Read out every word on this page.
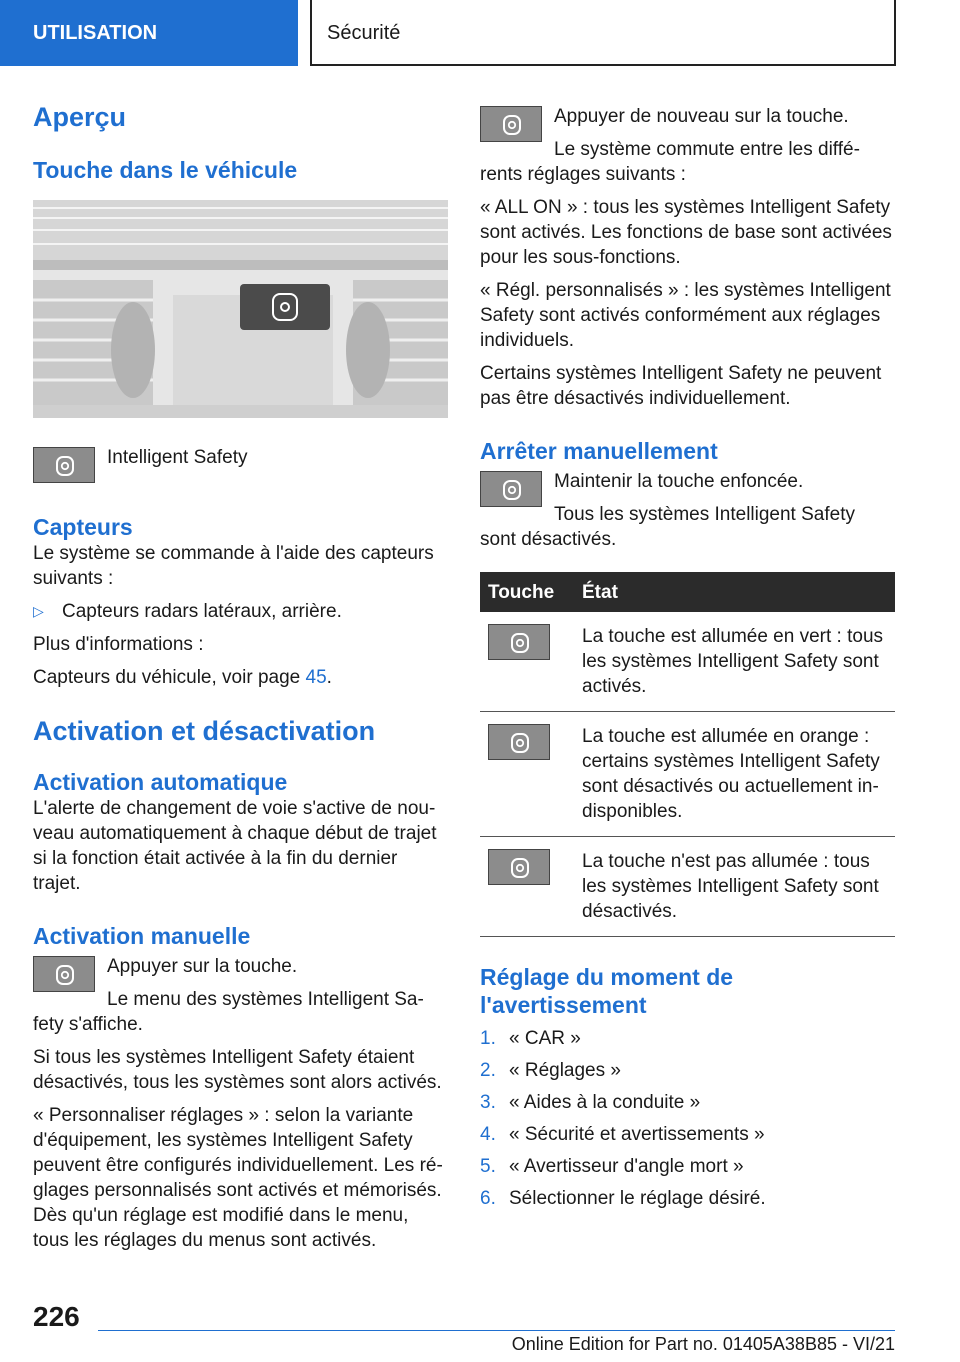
UTILISATION	Sécurité
Aperçu
Touche dans le véhicule

Intelligent Safety

Capteurs

Le système se commande à l'aide des capteurs suivants :

▷ Capteurs radars latéraux, arrière.

Plus d'informations :

Capteurs du véhicule, voir page 45.

Activation et désactivation
Activation automatique

L'alerte de changement de voie s'active de nouveau automatiquement à chaque début de trajet si la fonction était activée à la fin du dernier trajet.

Activation manuelle

Appuyer sur la touche.

Le menu des systèmes Intelligent Safety s'affiche.

Si tous les systèmes Intelligent Safety étaient désactivés, tous les systèmes sont alors activés.

« Personnaliser réglages » : selon la variante d'équipement, les systèmes Intelligent Safety peuvent être configurés individuellement. Les réglages personnalisés sont activés et mémorisés. Dès qu'un réglage est modifié dans le menu, tous les réglages du menus sont activés.

Appuyer de nouveau sur la touche.

Le système commute entre les différents réglages suivants :

« ALL ON » : tous les systèmes Intelligent Safety sont activés. Les fonctions de base sont activées pour les sous-fonctions.

« Régl. personnalisés » : les systèmes Intelligent Safety sont activés conformément aux réglages individuels.

Certains systèmes Intelligent Safety ne peuvent pas être désactivés individuellement.

Arrêter manuellement

Maintenir la touche enfoncée.

Tous les systèmes Intelligent Safety sont désactivés.

Touche	État

	La touche est allumée en vert : tous les systèmes Intelligent Safety sont activés.

	La touche est allumée en orange : certains systèmes Intelligent Safety sont désactivés ou actuellement indisponibles.

	La touche n'est pas allumée : tous les systèmes Intelligent Safety sont désactivés.
Réglage du moment de l'avertissement
1. « CAR »
2. « Réglages »
3. « Aides à la conduite »
4. « Sécurité et avertissements »
5. « Avertisseur d'angle mort »
6. Sélectionner le réglage désiré.
226
Online Edition for Part no. 01405A38B85 - VI/21
